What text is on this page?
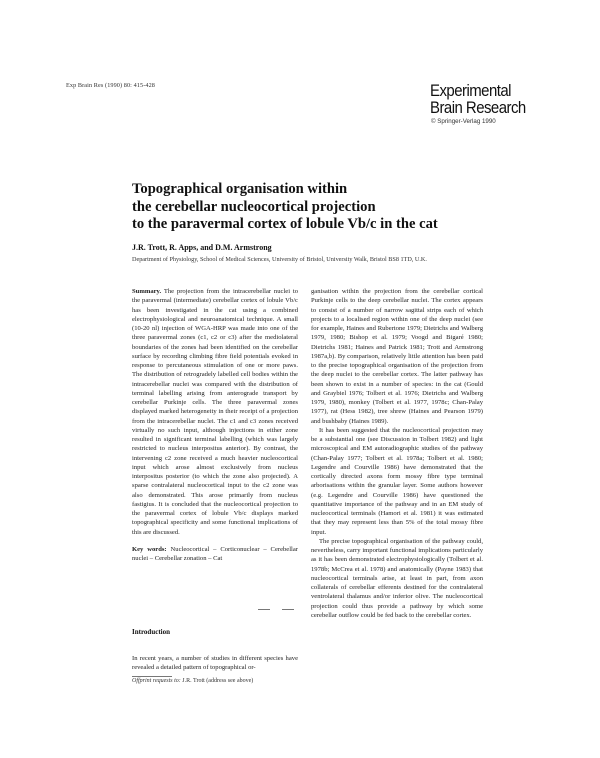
Exp Brain Res (1990) 80: 415-428	Experimental
Brain Research
© Springer-Verlag 1990
Topographical organisation within
the cerebellar nucleocortical projection
to the paravermal cortex of lobule Vb/c in the cat
J.R. Trott, R. Apps, and D.M. Armstrong
Department of Physiology, School of Medical Sciences, University of Bristol, University Walk, Bristol BS8 1TD, U.K.

Summary. The projection from the intracerebellar nuclei to the paravermal (intermediate) cerebellar cortex of lobule Vb/c has been investigated in the cat using a combined electrophysiological and neuroanatomical technique. A small (10-20 nl) injection of WGA-HRP was made into one of the three paravermal zones (c1, c2 or c3) after the mediolateral boundaries of the zones had been identified on the cerebellar surface by recording climbing fibre field potentials evoked in response to percutaneous stimulation of one or more paws. The distribution of retrogradely labelled cell bodies within the intracerebellar nuclei was compared with the distribution of terminal labelling arising from anterograde transport by cerebellar Purkinje cells. The three paravermal zones displayed marked heterogeneity in their receipt of a projection from the intracerebellar nuclei. The c1 and c3 zones received virtually no such input, although injections in either zone resulted in significant terminal labelling (which was largely restricted to nucleus interpositus anterior). By contrast, the intervening c2 zone received a much heavier nucleocortical input which arose almost exclusively from nucleus interpositus posterior (to which the zone also projected). A sparse contralateral nucleocortical input to the c2 zone was also demonstrated. This arose primarily from nucleus fastigius. It is concluded that the nucleocortical projection to the paravermal cortex of lobule Vb/c displays marked topographical specificity and some functional implications of this are discussed.

Key words: Nucleocortical – Corticonuclear – Cerebellar nuclei – Cerebellar zonation – Cat

Introduction

In recent years, a number of studies in different species have revealed a detailed pattern of topographical or-

Offprint requests to: J.R. Trott (address see above)

ganisation within the projection from the cerebellar cortical Purkinje cells to the deep cerebellar nuclei. The cortex appears to consist of a number of narrow sagittal strips each of which projects to a localised region within one of the deep nuclei (see for example, Haines and Rubertone 1979; Dietrichs and Walberg 1979, 1980; Bishop et al. 1979; Voogd and Bigaré 1980; Dietrichs 1981; Haines and Patrick 1981; Trott and Armstrong 1987a,b). By comparison, relatively little attention has been paid to the precise topographical organisation of the projection from the deep nuclei to the cerebellar cortex. The latter pathway has been shown to exist in a number of species: in the cat (Gould and Graybiel 1976; Tolbert et al. 1976; Dietrichs and Walberg 1979, 1980), monkey (Tolbert et al. 1977, 1978c; Chan-Palay 1977), rat (Hess 1982), tree shrew (Haines and Pearson 1979) and bushbaby (Haines 1989).

It has been suggested that the nucleocortical projection may be a substantial one (see Discussion in Tolbert 1982) and light microscopical and EM autoradiographic studies of the pathway (Chan-Palay 1977; Tolbert et al. 1978a; Tolbert et al. 1980; Legendre and Courville 1986) have demonstrated that the cortically directed axons form mossy fibre type terminal arborisations within the granular layer. Some authors however (e.g. Legendre and Courville 1986) have questioned the quantitative importance of the pathway and in an EM study of nucleocortical terminals (Hamori et al. 1981) it was estimated that they may represent less than 5% of the total mossy fibre input.

The precise topographical organisation of the pathway could, nevertheless, carry important functional implications particularly as it has been demonstrated electrophysiologically (Tolbert et al. 1978b; McCrea et al. 1978) and anatomically (Payne 1983) that nucleocortical terminals arise, at least in part, from axon collaterals of cerebellar efferents destined for the contralateral ventrolateral thalamus and/or inferior olive. The nucleocortical projection could thus provide a pathway by which some cerebellar outflow could be fed back to the cerebellar cortex.
